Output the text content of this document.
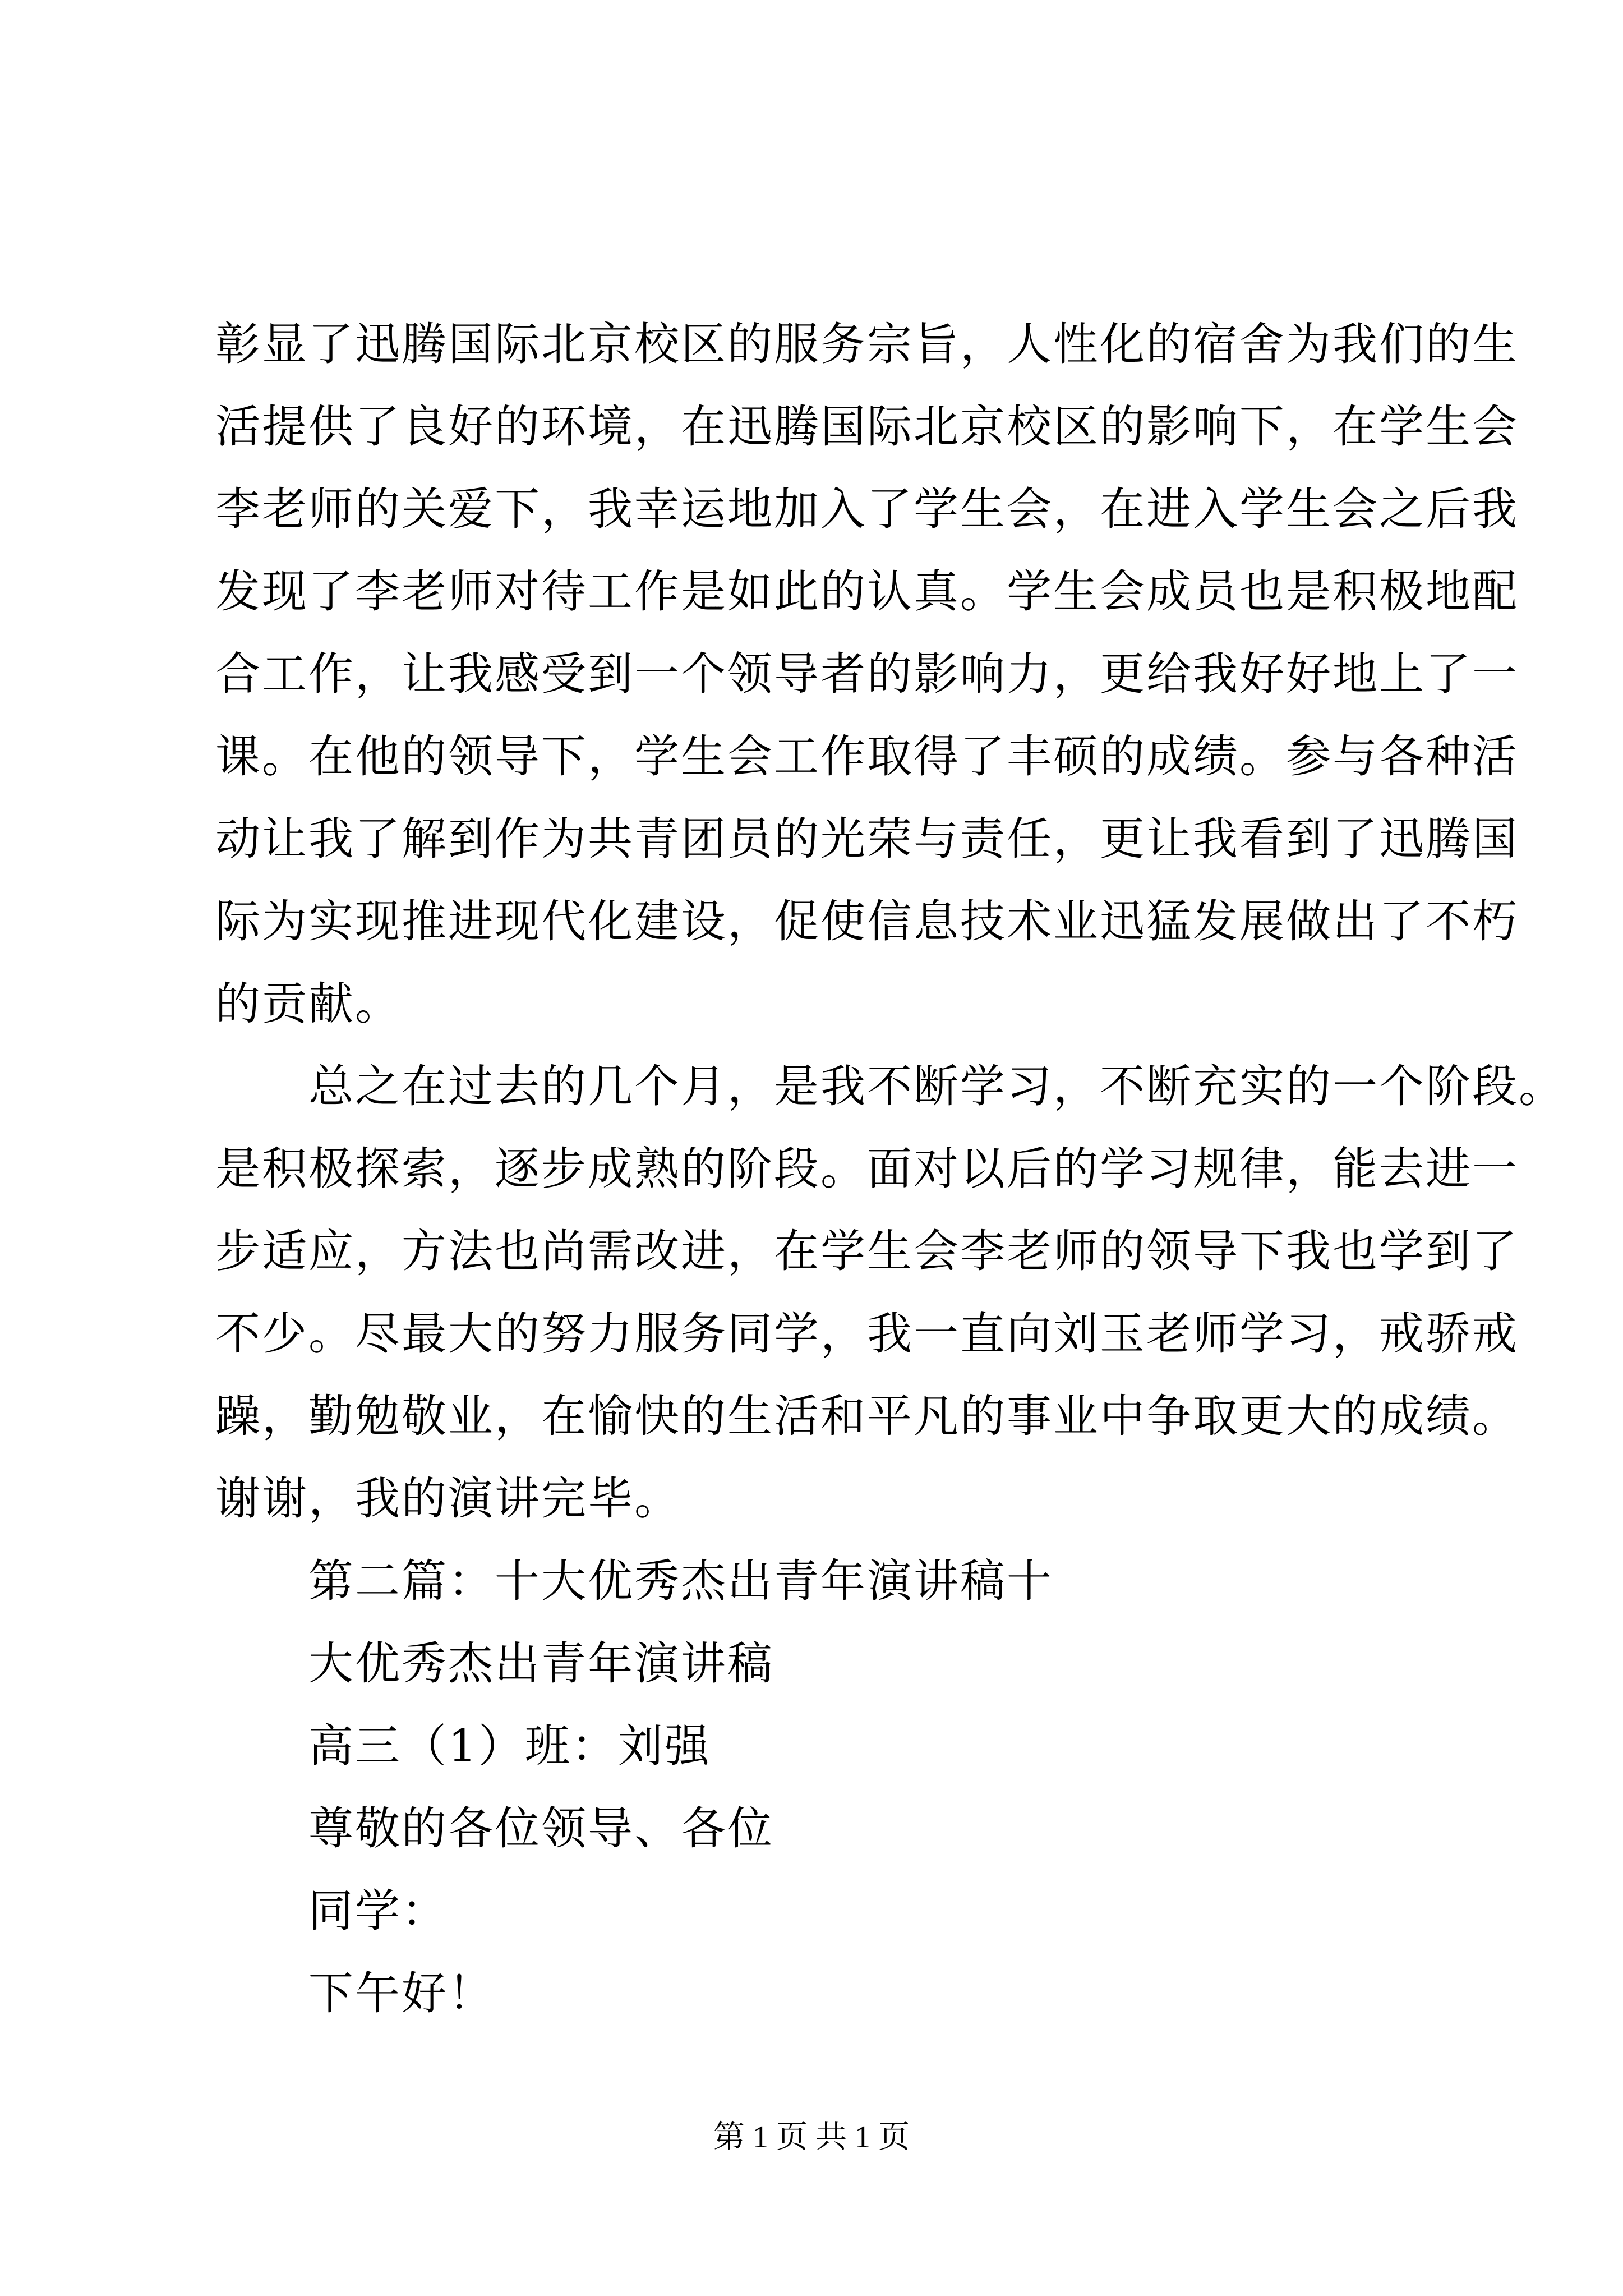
彰显了迅腾国际北京校区的服务宗旨，人性化的宿舍为我们的生
活提供了良好的环境，在迅腾国际北京校区的影响下，在学生会
李老师的关爱下，我幸运地加入了学生会，在进入学生会之后我
发现了李老师对待工作是如此的认真。学生会成员也是积极地配
合工作，让我感受到一个领导者的影响力，更给我好好地上了一
课。在他的领导下，学生会工作取得了丰硕的成绩。参与各种活
动让我了解到作为共青团员的光荣与责任，更让我看到了迅腾国
际为实现推进现代化建设，促使信息技术业迅猛发展做出了不朽
的贡献。
总之在过去的几个月，是我不断学习，不断充实的一个阶段。
是积极探索，逐步成熟的阶段。面对以后的学习规律，能去进一
步适应，方法也尚需改进，在学生会李老师的领导下我也学到了
不少。尽最大的努力服务同学，我一直向刘玉老师学习，戒骄戒
躁，勤勉敬业，在愉快的生活和平凡的事业中争取更大的成绩。
谢谢，我的演讲完毕。
第二篇：十大优秀杰出青年演讲稿十
大优秀杰出青年演讲稿
高三（1）班：刘强
尊敬的各位领导、各位
同学：
下午好！
第 1 页 共 1 页
